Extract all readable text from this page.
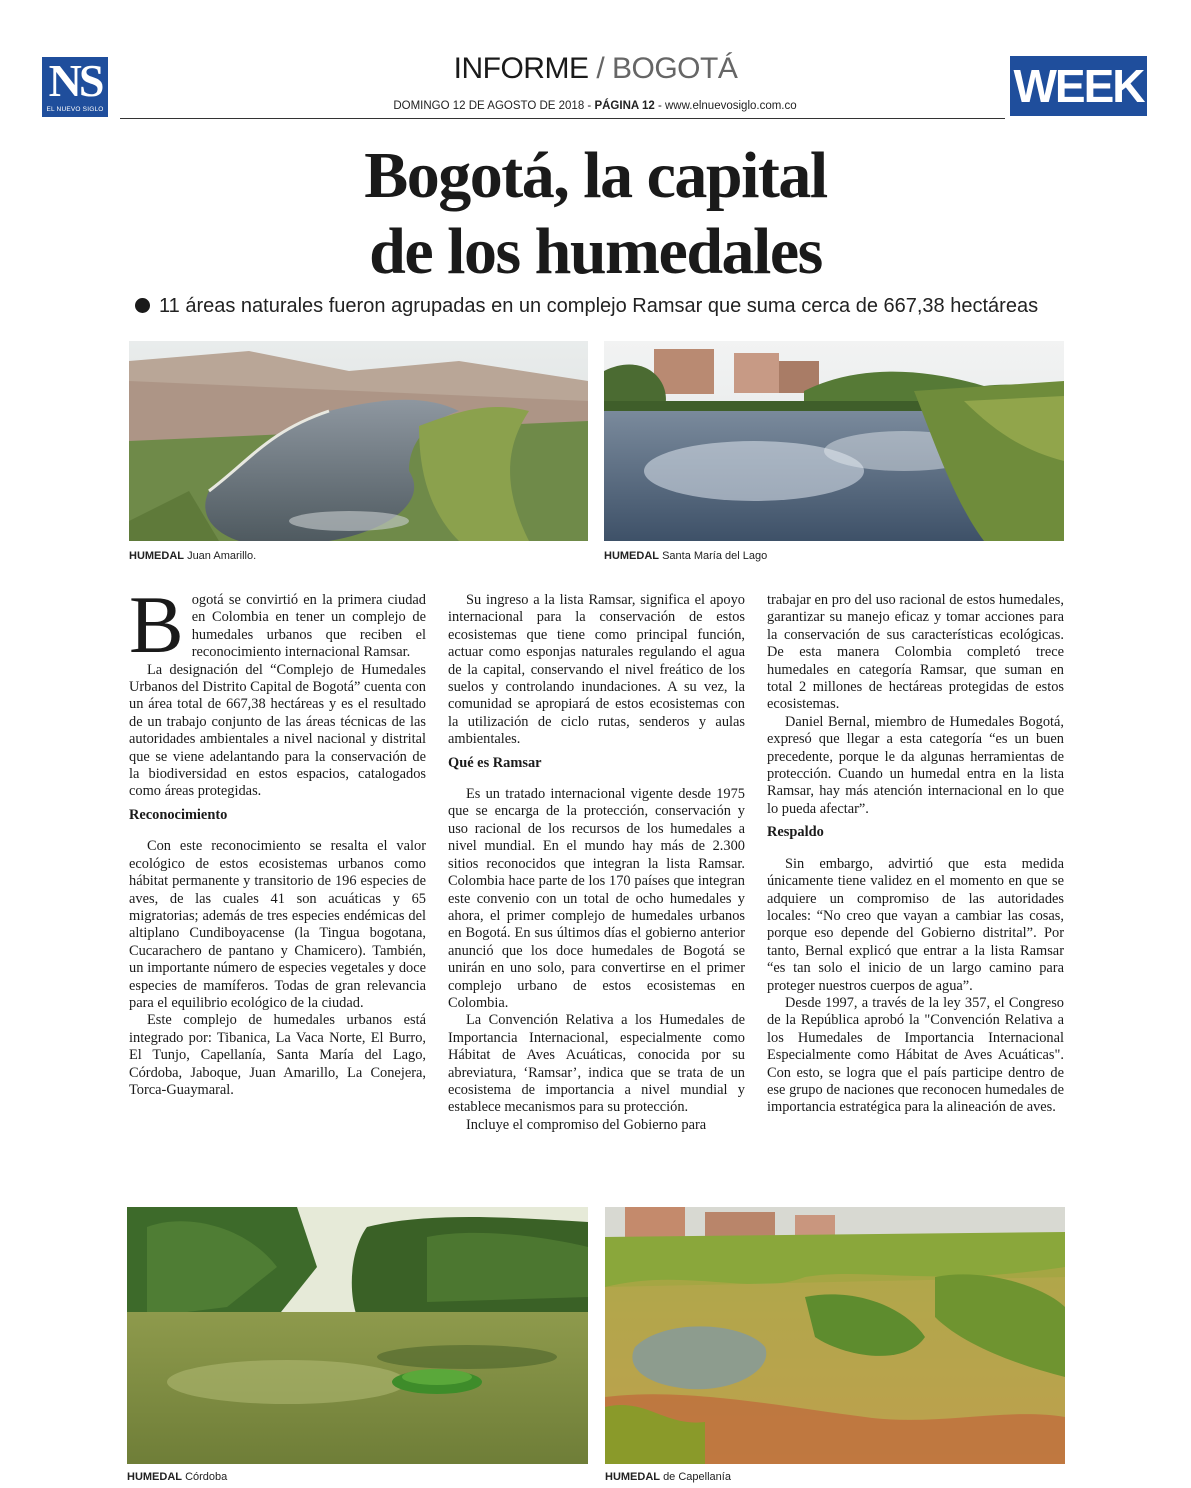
NS
EL NUEVO SIGLO
INFORME / BOGOTÁ
DOMINGO 12 DE AGOSTO DE 2018 - PÁGINA 12 - www.elnuevosiglo.com.co	WEEK
Bogotá, la capital
de los humedales
11 áreas naturales fueron agrupadas en un complejo Ramsar que suma cerca de 667,38 hectáreas
HUMEDAL Juan Amarillo.	HUMEDAL Santa María del Lago

Bogotá se convirtió en la primera ciudad en Colombia en tener un complejo de humedales urbanos que reciben el reconocimiento internacional Ramsar.

La designación del “Complejo de Humedales Urbanos del Distrito Capital de Bogotá” cuenta con un área total de 667,38 hectáreas y es el resultado de un trabajo conjunto de las áreas técnicas de las autoridades ambientales a nivel nacional y distrital que se viene adelantando para la conservación de la biodiversidad en estos espacios, catalogados como áreas protegidas.

Reconocimiento

Con este reconocimiento se resalta el valor ecológico de estos ecosistemas urbanos como hábitat permanente y transitorio de 196 especies de aves, de las cuales 41 son acuáticas y 65 migratorias; además de tres especies endémicas del altiplano Cundiboyacense (la Tingua bogotana, Cucarachero de pantano y Chamicero). También, un importante número de especies vegetales y doce especies de mamíferos. Todas de gran relevancia para el equilibrio ecológico de la ciudad.

Este complejo de humedales urbanos está integrado por: Tibanica, La Vaca Norte, El Burro, El Tunjo, Capellanía, Santa María del Lago, Córdoba, Jaboque, Juan Amarillo, La Conejera, Torca-Guaymaral.

Su ingreso a la lista Ramsar, significa el apoyo internacional para la conservación de estos ecosistemas que tiene como principal función, actuar como esponjas naturales regulando el agua de la capital, conservando el nivel freático de los suelos y controlando inundaciones. A su vez, la comunidad se apropiará de estos ecosistemas con la utilización de ciclo rutas, senderos y aulas ambientales.

Qué es Ramsar

Es un tratado internacional vigente desde 1975 que se encarga de la protección, conservación y uso racional de los recursos de los humedales a nivel mundial. En el mundo hay más de 2.300 sitios reconocidos que integran la lista Ramsar. Colombia hace parte de los 170 países que integran este convenio con un total de ocho humedales y ahora, el primer complejo de humedales urbanos en Bogotá. En sus últimos días el gobierno anterior anunció que los doce humedales de Bogotá se unirán en uno solo, para convertirse en el primer complejo urbano de estos ecosistemas en Colombia.

La Convención Relativa a los Humedales de Importancia Internacional, especialmente como Hábitat de Aves Acuáticas, conocida por su abreviatura, ‘Ramsar’, indica que se trata de un ecosistema de importancia a nivel mundial y establece mecanismos para su protección.

Incluye el compromiso del Gobierno para

trabajar en pro del uso racional de estos humedales, garantizar su manejo eficaz y tomar acciones para la conservación de sus características ecológicas. De esta manera Colombia completó trece humedales en categoría Ramsar, que suman en total 2 millones de hectáreas protegidas de estos ecosistemas.

Daniel Bernal, miembro de Humedales Bogotá, expresó que llegar a esta categoría “es un buen precedente, porque le da algunas herramientas de protección. Cuando un humedal entra en la lista Ramsar, hay más atención internacional en lo que lo pueda afectar”.

Respaldo

Sin embargo, advirtió que esta medida únicamente tiene validez en el momento en que se adquiere un compromiso de las autoridades locales: “No creo que vayan a cambiar las cosas, porque eso depende del Gobierno distrital”. Por tanto, Bernal explicó que entrar a la lista Ramsar “es tan solo el inicio de un largo camino para proteger nuestros cuerpos de agua”.

Desde 1997, a través de la ley 357, el Congreso de la República aprobó la "Convención Relativa a los Humedales de Importancia Internacional Especialmente como Hábitat de Aves Acuáticas". Con esto, se logra que el país participe dentro de ese grupo de naciones que reconocen humedales de importancia estratégica para la alineación de aves.

HUMEDAL Córdoba	HUMEDAL de Capellanía
